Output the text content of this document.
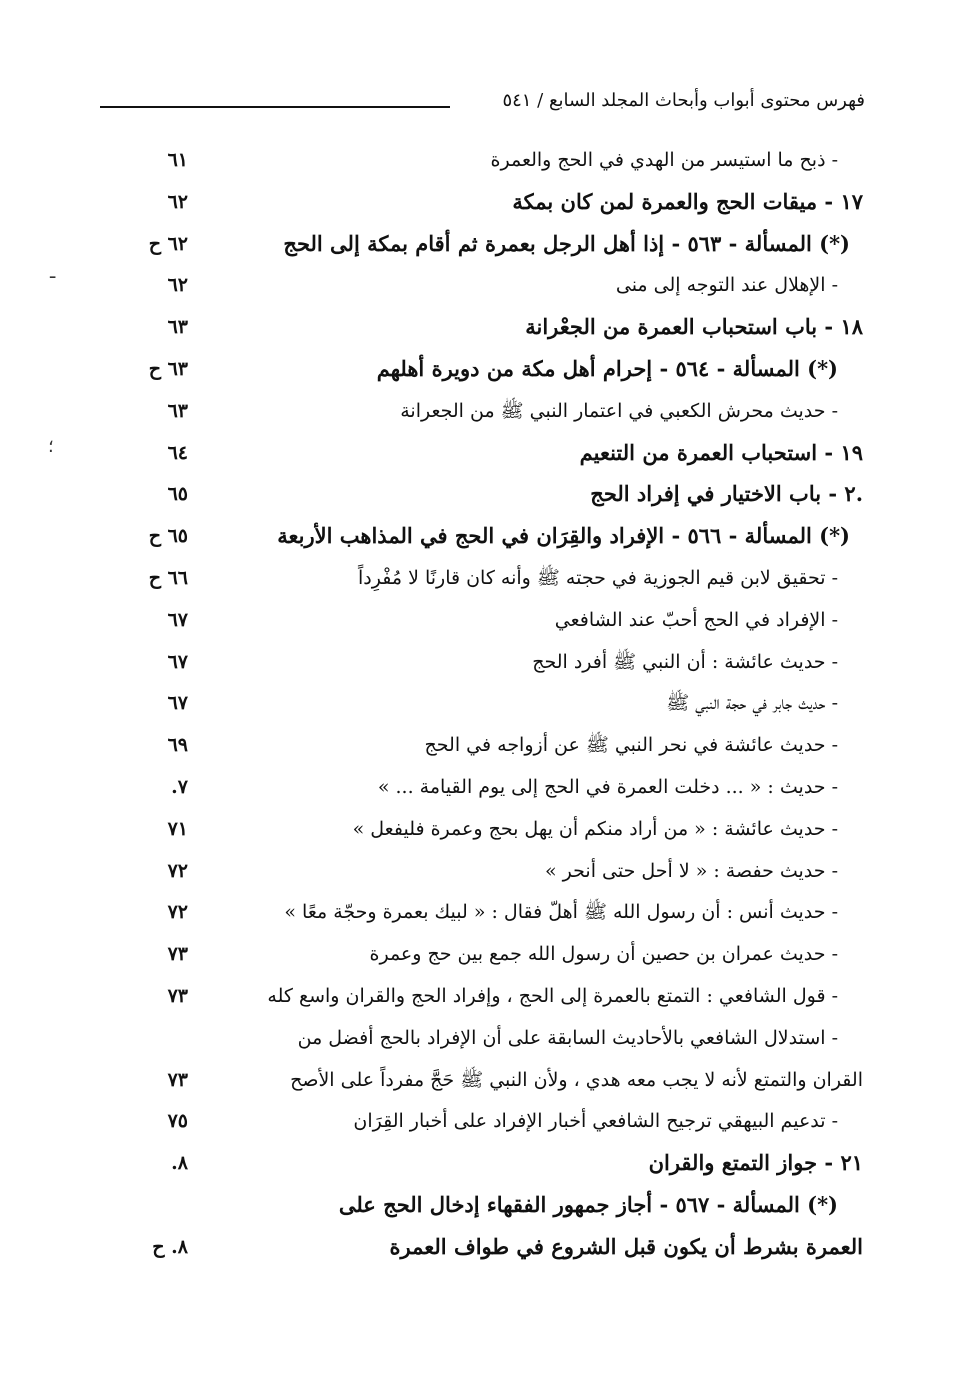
فهرس محتوى أبواب وأبحاث المجلد السابع / ٥٤١
- ذبح ما استيسر من الهدي في الحج والعمرة
٦١
١٧ - ميقات الحج والعمرة لمن كان بمكة
٦٢
(*) المسألة - ٥٦٣ - إذا أهل الرجل بعمرة ثم أقام بمكة إلى الحج
٦٢ ح
- الإهلال عند التوجه إلى منى
٦٢
١٨ - باب استحباب العمرة من الجعْرانة
٦٣
(*) المسألة - ٥٦٤ - إحرام أهل مكة من دويرة أهلهم
٦٣ ح
- حديث محرش الكعبي في اعتمار النبي ﷺ من الجعرانة
٦٣
١٩ - استحباب العمرة من التنعيم
٦٤
.٢ - باب الاختيار في إفراد الحج
٦٥
(*) المسألة - ٥٦٦ - الإفراد والقِرَان في الحج في المذاهب الأربعة
٦٥ ح
- تحقيق لابن قيم الجوزية في حجته ﷺ وأنه كان قارنًا لا مُفْرِداً
٦٦ ح
- الإفراد في الحج أحبّ عند الشافعي
٦٧
- حديث عائشة : أن النبي ﷺ أفرد الحج
٦٧
- حديث جابر في حجة النبي ﷺ
٦٧
- حديث عائشة في نحر النبي ﷺ عن أزواجه في الحج
٦٩
- حديث : « ... دخلت العمرة في الحج إلى يوم القيامة ... »
٧.
- حديث عائشة : « من أراد منكم أن يهل بحج وعمرة فليفعل »
٧١
- حديث حفصة : « لا أحل حتى أنحر »
٧٢
- حديث أنس : أن رسول الله ﷺ أهلّ فقال : « لبيك بعمرة وحجّة معًا »
٧٢
- حديث عمران بن حصين أن رسول الله جمع بين حج وعمرة
٧٣
- قول الشافعي : التمتع بالعمرة إلى الحج ، وإفراد الحج والقران واسع كله
٧٣
- استدلال الشافعي بالأحاديث السابقة على أن الإفراد بالحج أفضل من
القران والتمتع لأنه لا يجب معه هدي ، ولأن النبي ﷺ حَجَّ مفرداً على الأصح
٧٣
- تدعيم البيهقي ترجيح الشافعي أخبار الإفراد على أخبار القِرَان
٧٥
٢١ - جواز التمتع والقران
٨.
(*) المسألة - ٥٦٧ - أجاز جمهور الفقهاء إدخال الحج على
العمرة بشرط أن يكون قبل الشروع في طواف العمرة
٨. ح
ـ
؛
